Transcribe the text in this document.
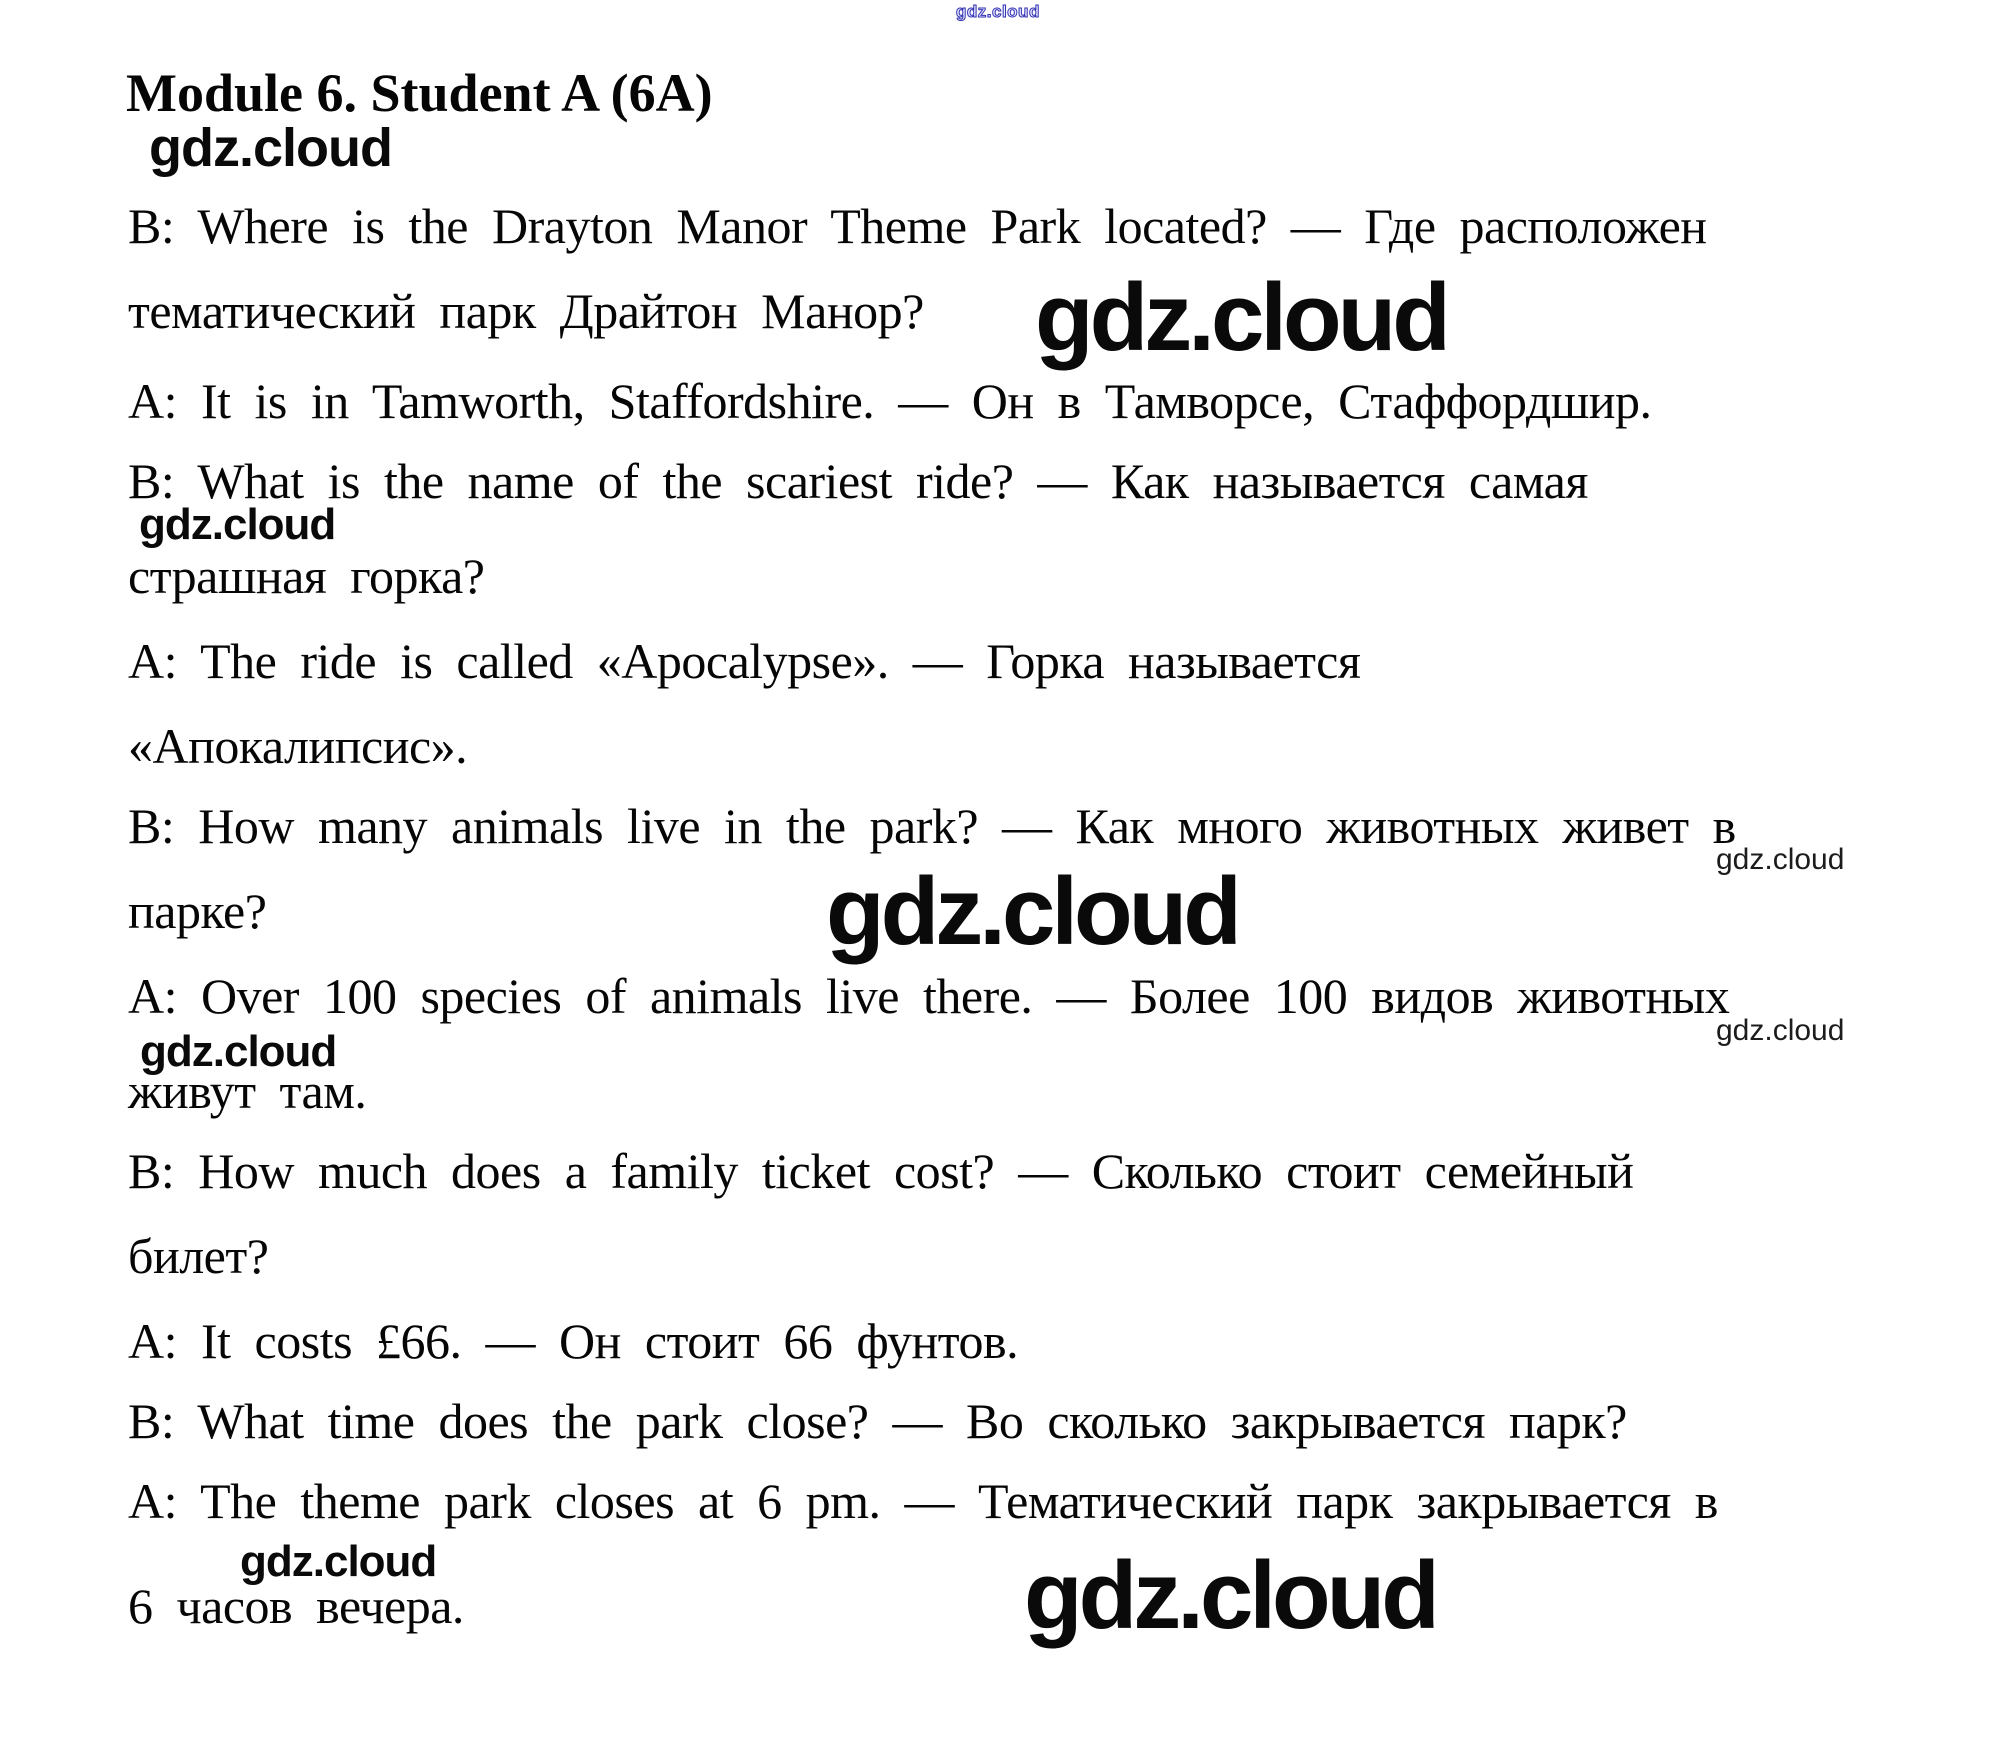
gdz.cloud
gdz.cloud
gdz.cloud
gdz.cloud
gdz.cloud
gdz.cloud
gdz.cloud
gdz.cloud
gdz.cloud	gdz.cloud
Module 6. Student A (6A)
B: Where is the Drayton Manor Theme Park located? — Где расположен
тематический парк Драйтон Манор?
A: It is in Tamworth, Staffordshire. — Он в Тамворсе, Стаффордшир.
B: What is the name of the scariest ride? — Как называется самая
страшная горка?
A: The ride is called «Apocalypse». — Горка называется
«Апокалипсис».
B: How many animals live in the park? — Как много животных живет в
парке?
A: Over 100 species of animals live there. — Более 100 видов животных
живут там.
B: How much does a family ticket cost? — Сколько стоит семейный
билет?
A: It costs £66. — Он стоит 66 фунтов.
B: What time does the park close? — Во сколько закрывается парк?
A: The theme park closes at 6 pm. — Тематический парк закрывается в
6 часов вечера.
